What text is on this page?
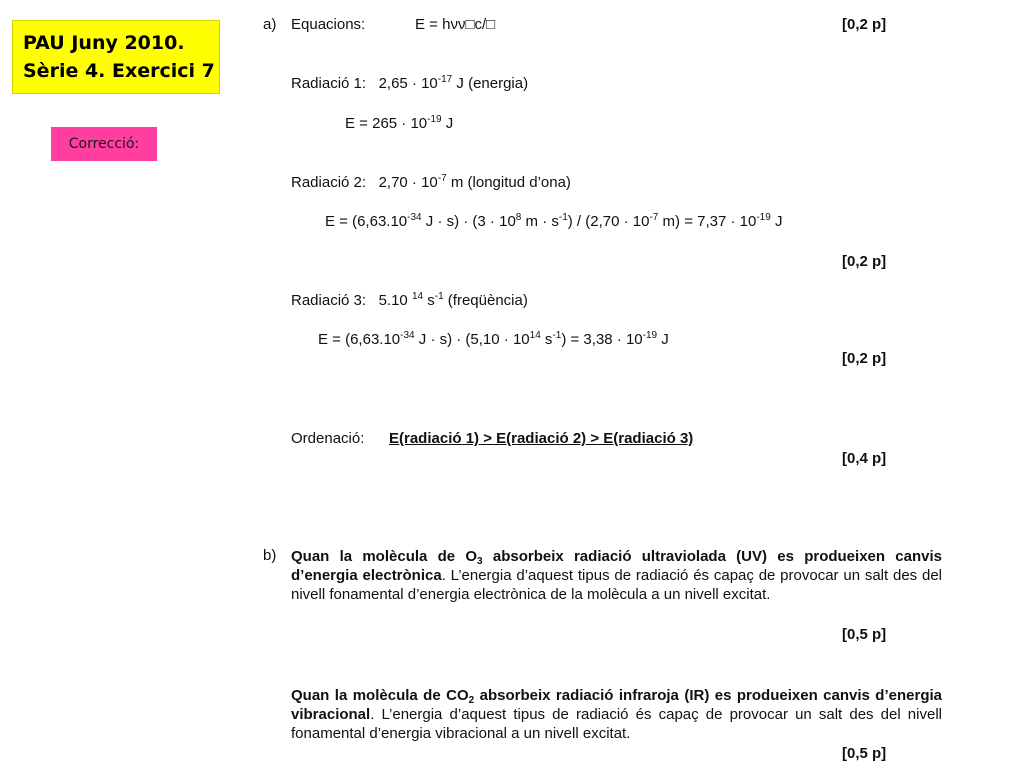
PAU Juny 2010.
Sèrie 4. Exercici 7
Correcció:
a) Equacions:	E = hνν□c/□	[0,2 p]
Radiació 1: $2,65 \cdot 10^{-17}$ J (energia)
$E = 265 \cdot 10^{-19}$ J
Radiació 2: $2,70 \cdot 10^{-7}$ m (longitud d’ona)
$E = (6,63.10^{-34}$ $J \cdot s) \cdot (3 \cdot 10^8$ $m \cdot s^{-1}) / (2,70 \cdot 10^{-7}$ $m) = 7,37 \cdot 10^{-19}$ J
[0,2 p]
Radiació 3: 5.10 $^{14}$ $s^{-1}$ (freqüència)
$E = (6,63.10^{-34}$ $J \cdot s) \cdot (5,10 \cdot 10^{14}$ $s^{-1}) = 3,38 \cdot 10^{-19}$ J
[0,2 p]
Ordenació: E(radiació 1) > E(radiació 2) > E(radiació 3)
[0,4 p]
b) Quan la molècula de $O_3$ absorbeix radiació ultraviolada (UV) es produeixen canvis d’energia electrònica. L’energia d’aquest tipus de radiació és capaç de provocar un salt des del nivell fonamental d’energia electrònica de la molècula a un nivell excitat.
[0,5 p]
Quan la molècula de $CO_2$ absorbeix radiació infraroja (IR) es produeixen canvis d’energia vibracional. L’energia d’aquest tipus de radiació és capaç de provocar un salt des del nivell fonamental d’energia vibracional a un nivell excitat.
[0,5 p]
